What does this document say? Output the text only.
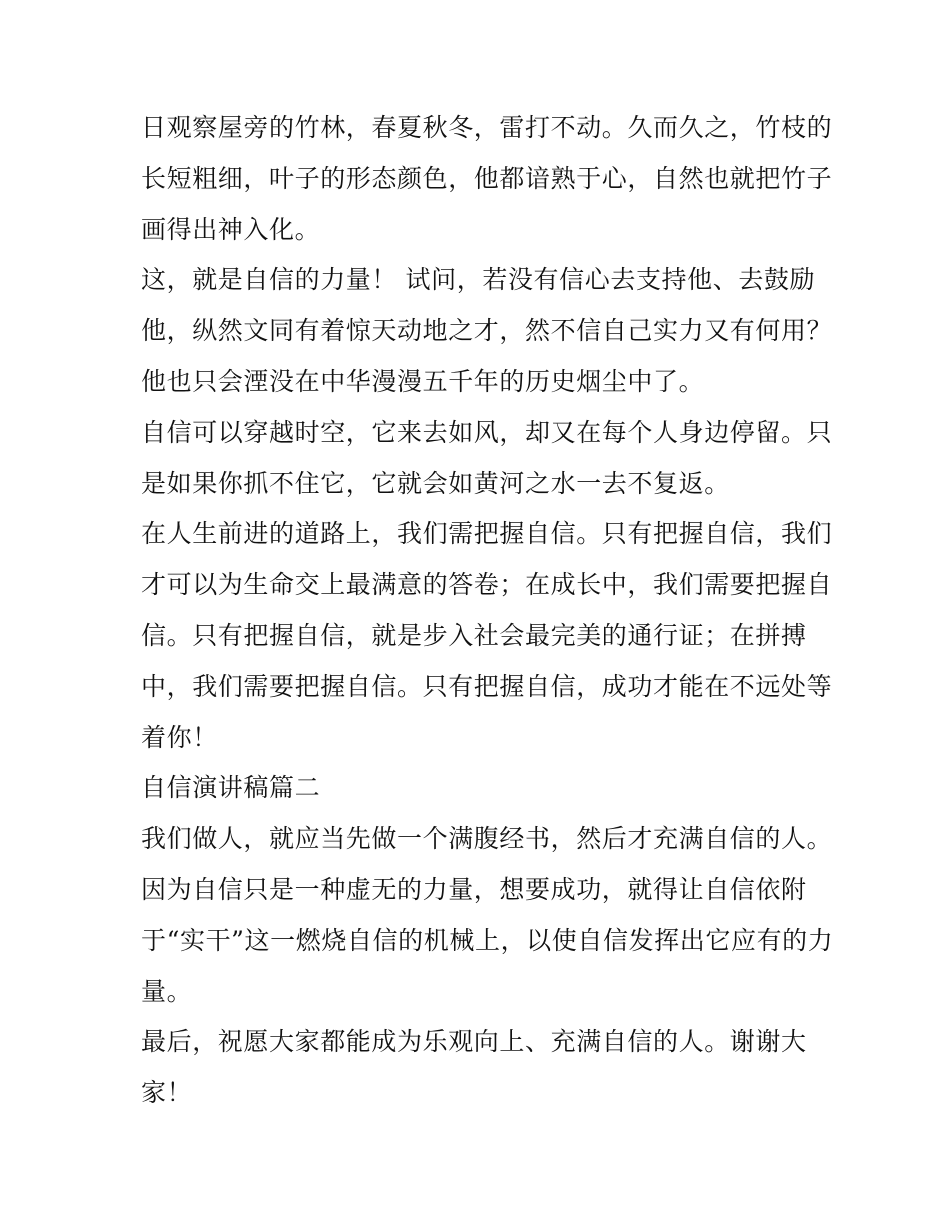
日观察屋旁的竹林，春夏秋冬，雷打不动。久而久之，竹枝的
长短粗细，叶子的形态颜色，他都谙熟于心，自然也就把竹子
画得出神入化。
这，就是自信的力量！ 试问，若没有信心去支持他、去鼓励
他，纵然文同有着惊天动地之才，然不信自己实力又有何用？
他也只会湮没在中华漫漫五千年的历史烟尘中了。
自信可以穿越时空，它来去如风，却又在每个人身边停留。只
是如果你抓不住它，它就会如黄河之水一去不复返。
在人生前进的道路上，我们需把握自信。只有把握自信，我们
才可以为生命交上最满意的答卷；在成长中，我们需要把握自
信。只有把握自信，就是步入社会最完美的通行证；在拼搏
中，我们需要把握自信。只有把握自信，成功才能在不远处等
着你！
自信演讲稿篇二
我们做人，就应当先做一个满腹经书，然后才充满自信的人。
因为自信只是一种虚无的力量，想要成功，就得让自信依附
于“实干”这一燃烧自信的机械上，以使自信发挥出它应有的力
量。
最后，祝愿大家都能成为乐观向上、充满自信的人。谢谢大
家！
